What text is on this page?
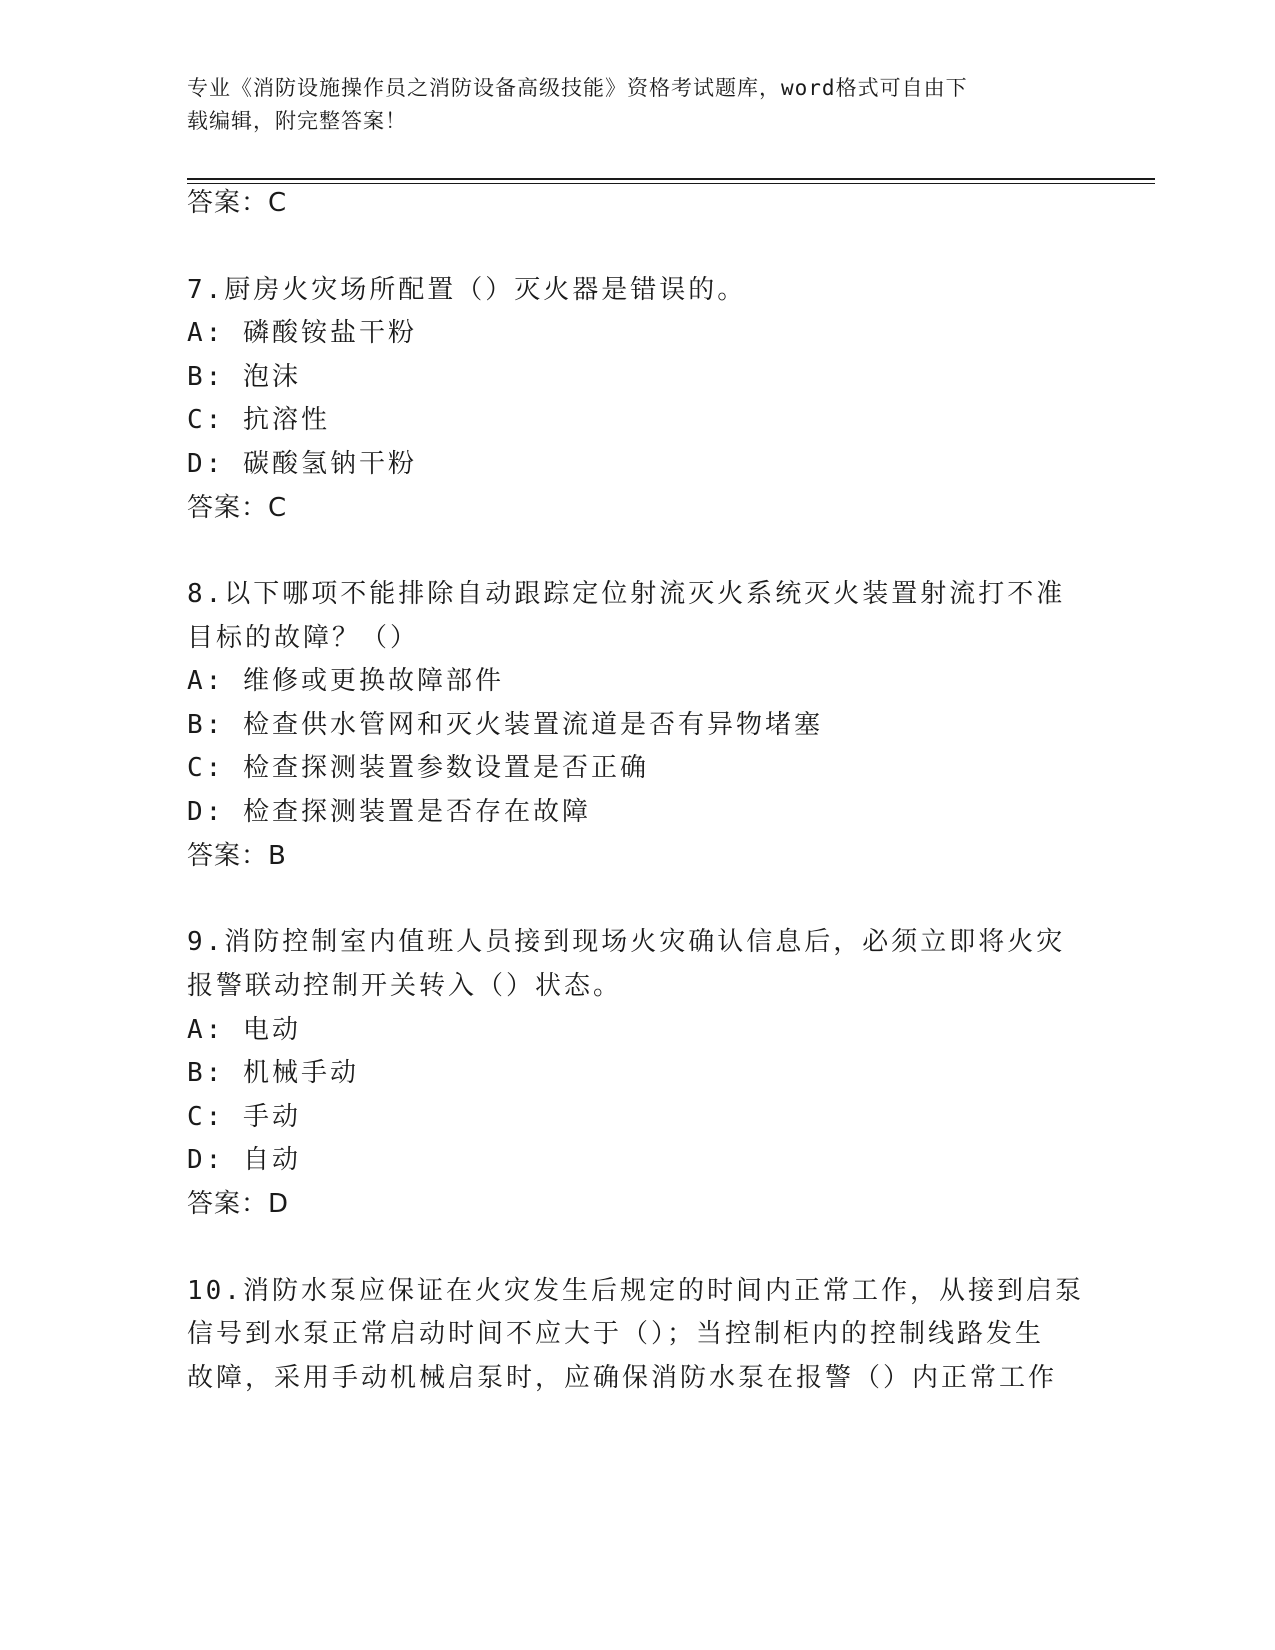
专业《消防设施操作员之消防设备高级技能》资格考试题库，word格式可自由下
载编辑，附完整答案！
答案：C
7.厨房火灾场所配置（）灭火器是错误的。
A: 磷酸铵盐干粉
B: 泡沫
C: 抗溶性
D: 碳酸氢钠干粉
答案：C
8.以下哪项不能排除自动跟踪定位射流灭火系统灭火装置射流打不准
目标的故障？（）
A: 维修或更换故障部件
B: 检查供水管网和灭火装置流道是否有异物堵塞
C: 检查探测装置参数设置是否正确
D: 检查探测装置是否存在故障
答案：B
9.消防控制室内值班人员接到现场火灾确认信息后，必须立即将火灾
报警联动控制开关转入（）状态。
A: 电动
B: 机械手动
C: 手动
D: 自动
答案：D
10.消防水泵应保证在火灾发生后规定的时间内正常工作，从接到启泵
信号到水泵正常启动时间不应大于（）；当控制柜内的控制线路发生
故障，采用手动机械启泵时，应确保消防水泵在报警（）内正常工作
